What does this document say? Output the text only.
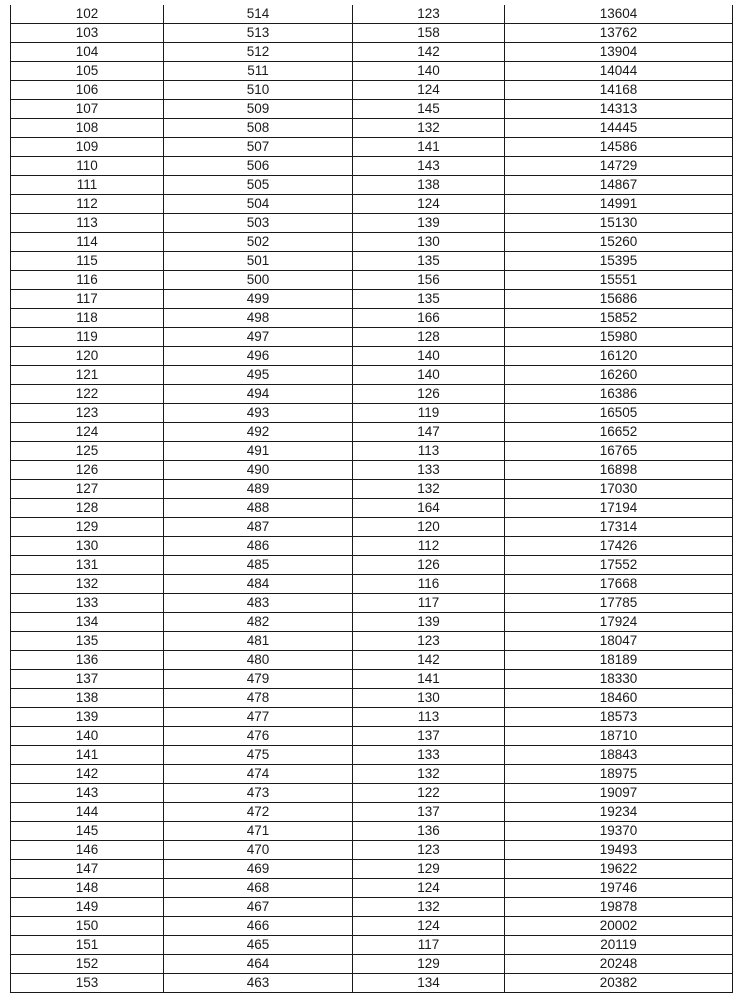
102	514	123	13604
103	513	158	13762
104	512	142	13904
105	511	140	14044
106	510	124	14168
107	509	145	14313
108	508	132	14445
109	507	141	14586
110	506	143	14729
111	505	138	14867
112	504	124	14991
113	503	139	15130
114	502	130	15260
115	501	135	15395
116	500	156	15551
117	499	135	15686
118	498	166	15852
119	497	128	15980
120	496	140	16120
121	495	140	16260
122	494	126	16386
123	493	119	16505
124	492	147	16652
125	491	113	16765
126	490	133	16898
127	489	132	17030
128	488	164	17194
129	487	120	17314
130	486	112	17426
131	485	126	17552
132	484	116	17668
133	483	117	17785
134	482	139	17924
135	481	123	18047
136	480	142	18189
137	479	141	18330
138	478	130	18460
139	477	113	18573
140	476	137	18710
141	475	133	18843
142	474	132	18975
143	473	122	19097
144	472	137	19234
145	471	136	19370
146	470	123	19493
147	469	129	19622
148	468	124	19746
149	467	132	19878
150	466	124	20002
151	465	117	20119
152	464	129	20248
153	463	134	20382
